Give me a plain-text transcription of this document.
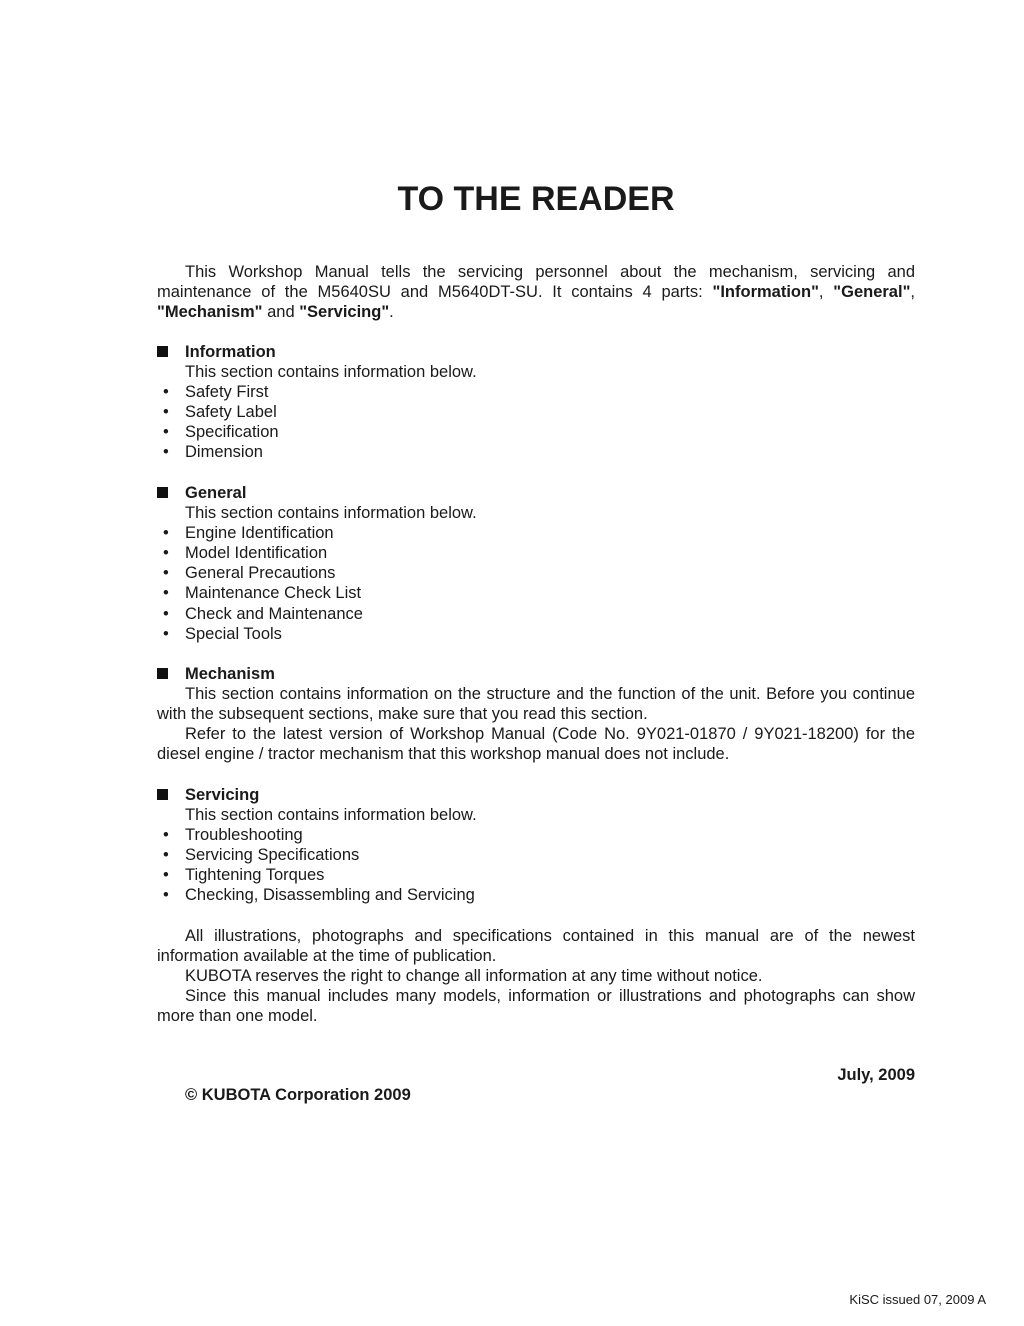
TO THE READER
This Workshop Manual tells the servicing personnel about the mechanism, servicing and
maintenance of the M5640SU and M5640DT-SU. It contains 4 parts: "Information", "General",
"Mechanism" and "Servicing".
Information
This section contains information below.
• Safety First
• Safety Label
• Specification
• Dimension
General
This section contains information below.
• Engine Identification
• Model Identification
• General Precautions
• Maintenance Check List
• Check and Maintenance
• Special Tools
Mechanism
This section contains information on the structure and the function of the unit. Before you continue
with the subsequent sections, make sure that you read this section.
Refer to the latest version of Workshop Manual (Code No. 9Y021-01870 / 9Y021-18200) for the
diesel engine / tractor mechanism that this workshop manual does not include.
Servicing
This section contains information below.
• Troubleshooting
• Servicing Specifications
• Tightening Torques
• Checking, Disassembling and Servicing
All illustrations, photographs and specifications contained in this manual are of the newest
information available at the time of publication.
KUBOTA reserves the right to change all information at any time without notice.
Since this manual includes many models, information or illustrations and photographs can show
more than one model.
July, 2009
© KUBOTA Corporation 2009
KiSC issued 07, 2009 A
